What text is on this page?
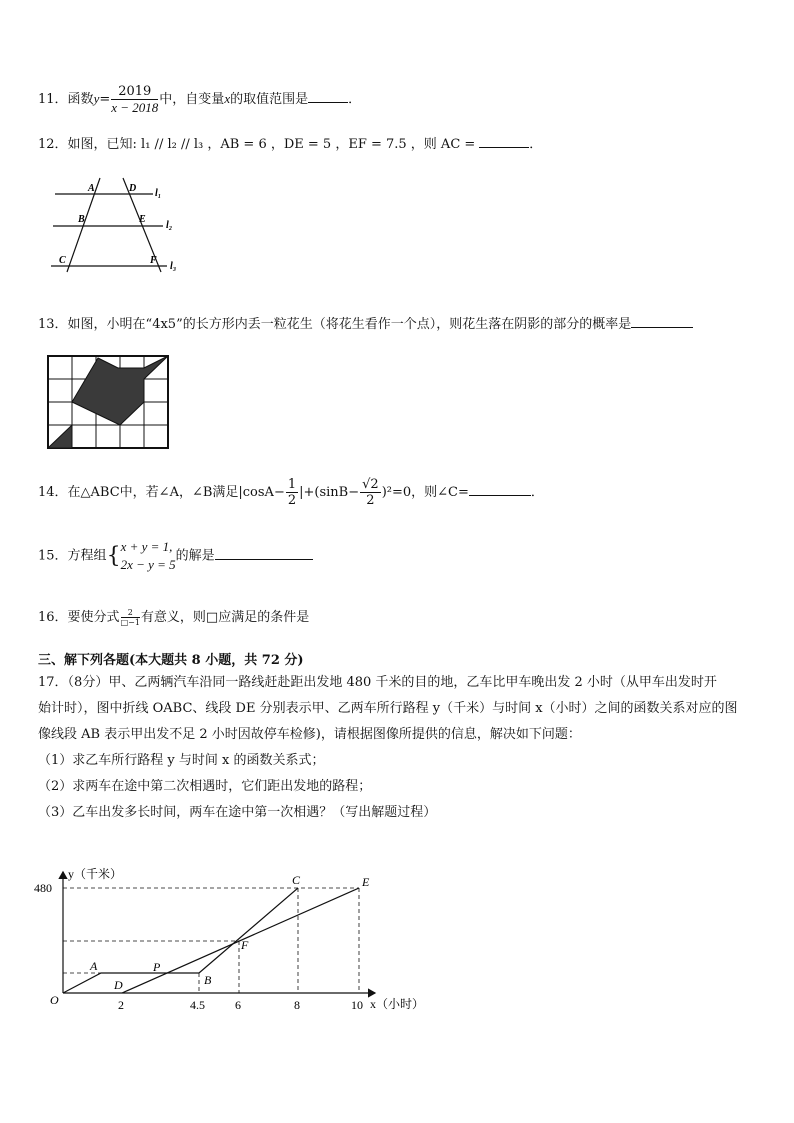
11．函数$y= \frac{2019}{x - 2018}$ 中，自变量x的取值范围是	．
12．如图，已知: l₁ // l₂ // l₃ ，AB = 6 ，DE = 5 ，EF = 7.5 ，则 AC =	．
A	D
B	E
C	F
l₁
l₂
l₃
13．如图，小明在“4x5”的长方形内丢一粒花生（将花生看作一个点），则花生落在阴影的部分的概率是
14．在△ABC中，若∠A，∠B满足$|\cos A- \frac{1}{2} |+(\sin B- \frac{√2}{2} )^2=0$，则∠C=	．
15．方程组{ x + y = 1,
2x − y = 5
的解是
16．要使分式 $\frac{2}{□-1}$ 有意义，则□应满足的条件是
三、解下列各题(本大题共 8 小题，共 72 分)
17．（8分）甲、乙两辆汽车沿同一路线赶赴距出发地 480 千米的目的地，乙车比甲车晚出发 2 小时（从甲车出发时开
始计时），图中折线 OABC、线段 DE 分别表示甲、乙两车所行路程 y（千米）与时间 x（小时）之间的函数关系对应的图
像线段 AB 表示甲出发不足 2 小时因故停车检修)，请根据图像所提供的信息，解决如下问题：
（1）求乙车所行路程 y 与时间 x 的函数关系式；
（2）求两车在途中第二次相遇时，它们距出发地的路程；
（3）乙车出发多长时间，两车在途中第一次相遇？（写出解题过程）
y（千米）
480
x（小时）
O	2	4.5	6	8	10
A
D
P
B
F
C	E
